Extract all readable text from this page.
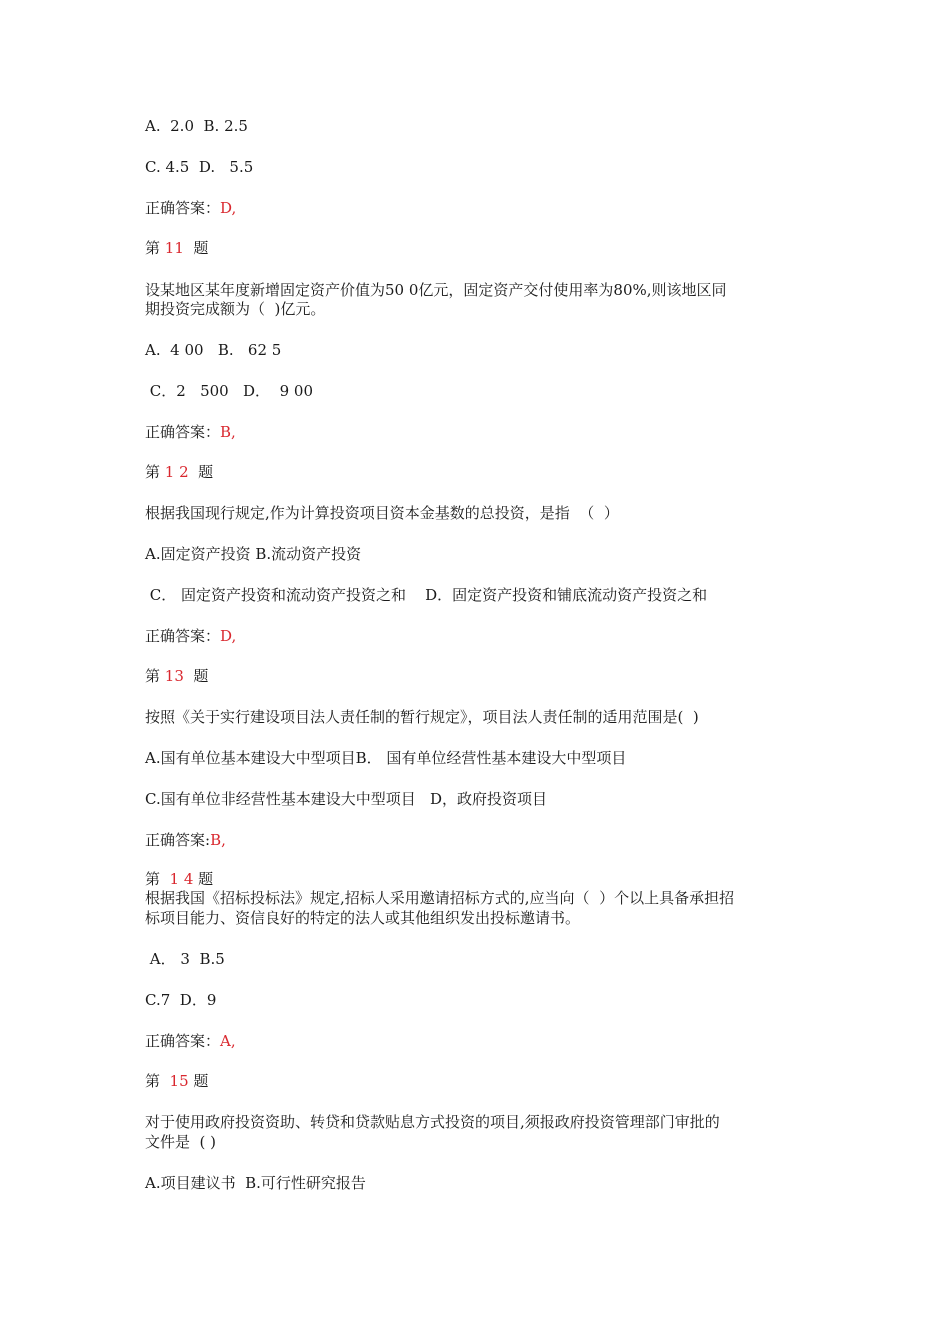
A.  2.0  B. 2.5
C. 4.5  D.   5.5
正确答案：D,
第 11  题
设某地区某年度新增固定资产价值为50 0亿元，固定资产交付使用率为80%,则该地区同
期投资完成额为（  )亿元。
A.  4 00   B.   62 5
C．2   500   D．  9 00
正确答案：B,
第 1 2  题
根据我国现行规定,作为计算投资项目资本金基数的总投资，是指  （  ）
A.固定资产投资 B.流动资产投资
C． 固定资产投资和流动资产投资之和    D．固定资产投资和铺底流动资产投资之和
正确答案：D,
第 13  题
按照《关于实行建设项目法人责任制的暂行规定》，项目法人责任制的适用范围是(  )
A.国有单位基本建设大中型项目B． 国有单位经营性基本建设大中型项目
C.国有单位非经营性基本建设大中型项目   D，政府投资项目
正确答案:B,
第  1 4 题
根据我国《招标投标法》规定,招标人采用邀请招标方式的,应当向（  ）个以上具备承担招
标项目能力、资信良好的特定的法人或其他组织发出投标邀请书。
A． 3  B.5
C.7  D．9
正确答案：A,
第  15 题
对于使用政府投资资助、转贷和贷款贴息方式投资的项目,须报政府投资管理部门审批的
文件是  ( )
A.项目建议书  B.可行性研究报告
